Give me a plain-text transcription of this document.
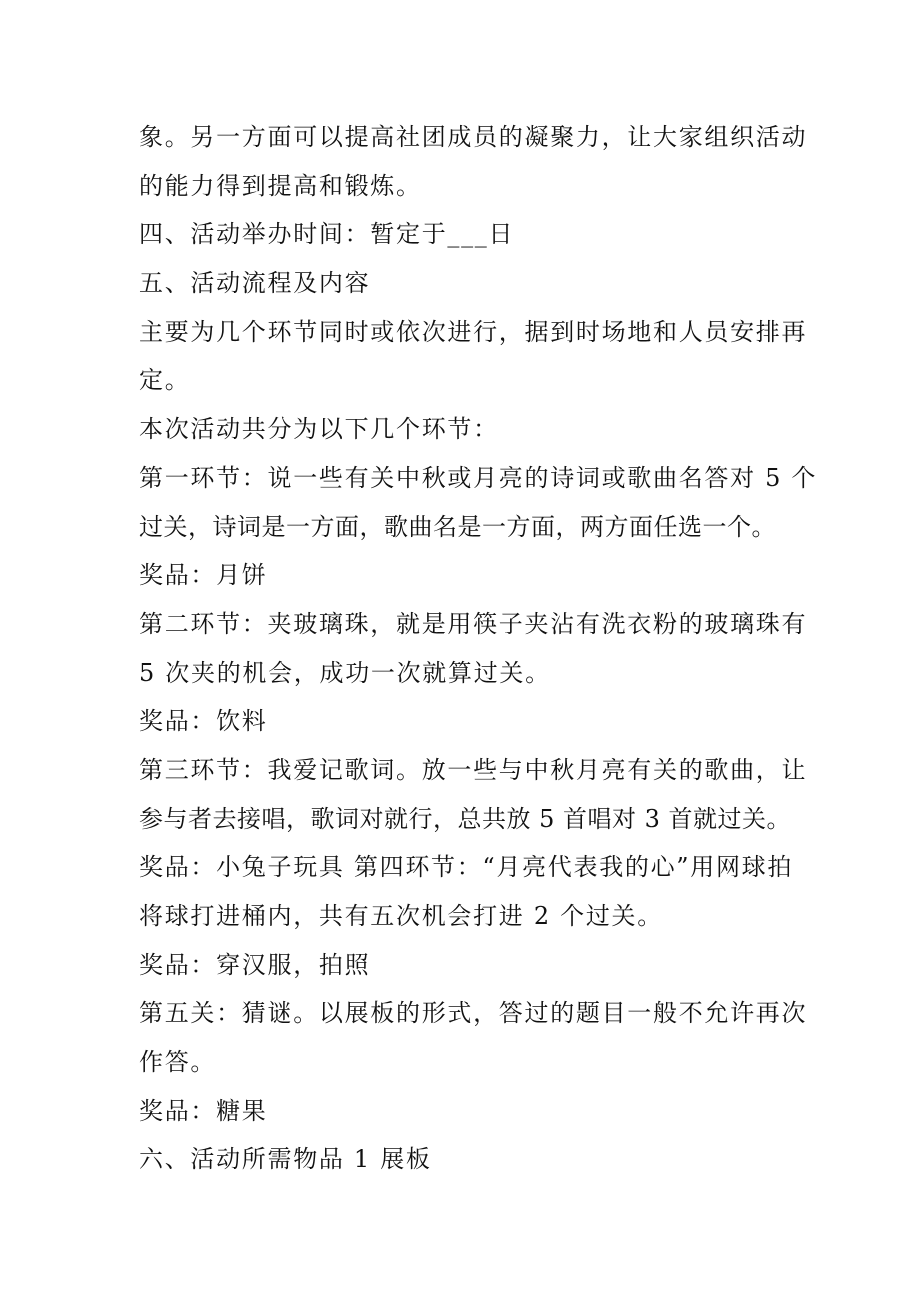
象。另一方面可以提高社团成员的凝聚力，让大家组织活动
的能力得到提高和锻炼。
四、活动举办时间：暂定于___日
五、活动流程及内容
主要为几个环节同时或依次进行，据到时场地和人员安排再
定。
本次活动共分为以下几个环节：
第一环节：说一些有关中秋或月亮的诗词或歌曲名答对 5 个
过关，诗词是一方面，歌曲名是一方面，两方面任选一个。
奖品：月饼
第二环节：夹玻璃珠，就是用筷子夹沾有洗衣粉的玻璃珠有
5 次夹的机会，成功一次就算过关。
奖品：饮料
第三环节：我爱记歌词。放一些与中秋月亮有关的歌曲，让
参与者去接唱，歌词对就行，总共放 5 首唱对 3 首就过关。
奖品：小兔子玩具 第四环节：“月亮代表我的心”用网球拍
将球打进桶内，共有五次机会打进 2 个过关。
奖品：穿汉服，拍照
第五关：猜谜。以展板的形式，答过的题目一般不允许再次
作答。
奖品：糖果
六、活动所需物品 1 展板
